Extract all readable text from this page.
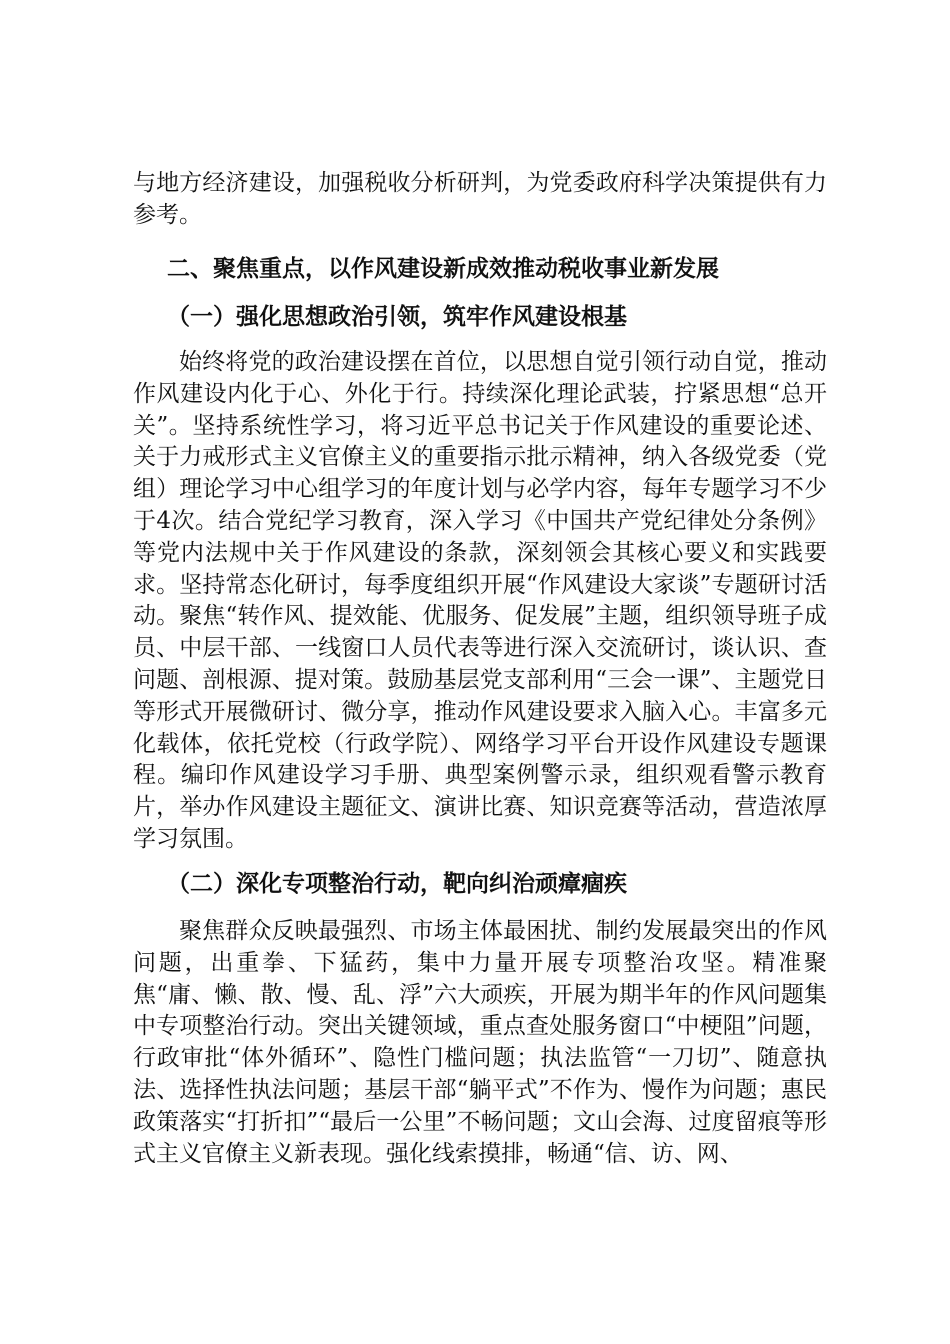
与地方经济建设，加强税收分析研判，为党委政府科学决策提供有力参考。

二、聚焦重点，以作风建设新成效推动税收事业新发展
（一）强化思想政治引领，筑牢作风建设根基

始终将党的政治建设摆在首位，以思想自觉引领行动自觉，推动作风建设内化于心、外化于行。持续深化理论武装，拧紧思想“总开关”。坚持系统性学习，将习近平总书记关于作风建设的重要论述、关于力戒形式主义官僚主义的重要指示批示精神，纳入各级党委（党组）理论学习中心组学习的年度计划与必学内容，每年专题学习不少于4次。结合党纪学习教育，深入学习《中国共产党纪律处分条例》等党内法规中关于作风建设的条款，深刻领会其核心要义和实践要求。坚持常态化研讨，每季度组织开展“作风建设大家谈”专题研讨活动。聚焦“转作风、提效能、优服务、促发展”主题，组织领导班子成员、中层干部、一线窗口人员代表等进行深入交流研讨，谈认识、查问题、剖根源、提对策。鼓励基层党支部利用“三会一课”、主题党日等形式开展微研讨、微分享，推动作风建设要求入脑入心。丰富多元化载体，依托党校（行政学院）、网络学习平台开设作风建设专题课程。编印作风建设学习手册、典型案例警示录，组织观看警示教育片，举办作风建设主题征文、演讲比赛、知识竞赛等活动，营造浓厚学习氛围。

（二）深化专项整治行动，靶向纠治顽瘴痼疾

聚焦群众反映最强烈、市场主体最困扰、制约发展最突出的作风问题，出重拳、下猛药，集中力量开展专项整治攻坚。精准聚焦“庸、懒、散、慢、乱、浮”六大顽疾，开展为期半年的作风问题集中专项整治行动。突出关键领域，重点查处服务窗口“中梗阻”问题，行政审批“体外循环”、隐性门槛问题；执法监管“一刀切”、随意执法、选择性执法问题；基层干部“躺平式”不作为、慢作为问题；惠民政策落实“打折扣”“最后一公里”不畅问题；文山会海、过度留痕等形式主义官僚主义新表现。强化线索摸排，畅通“信、访、网、
